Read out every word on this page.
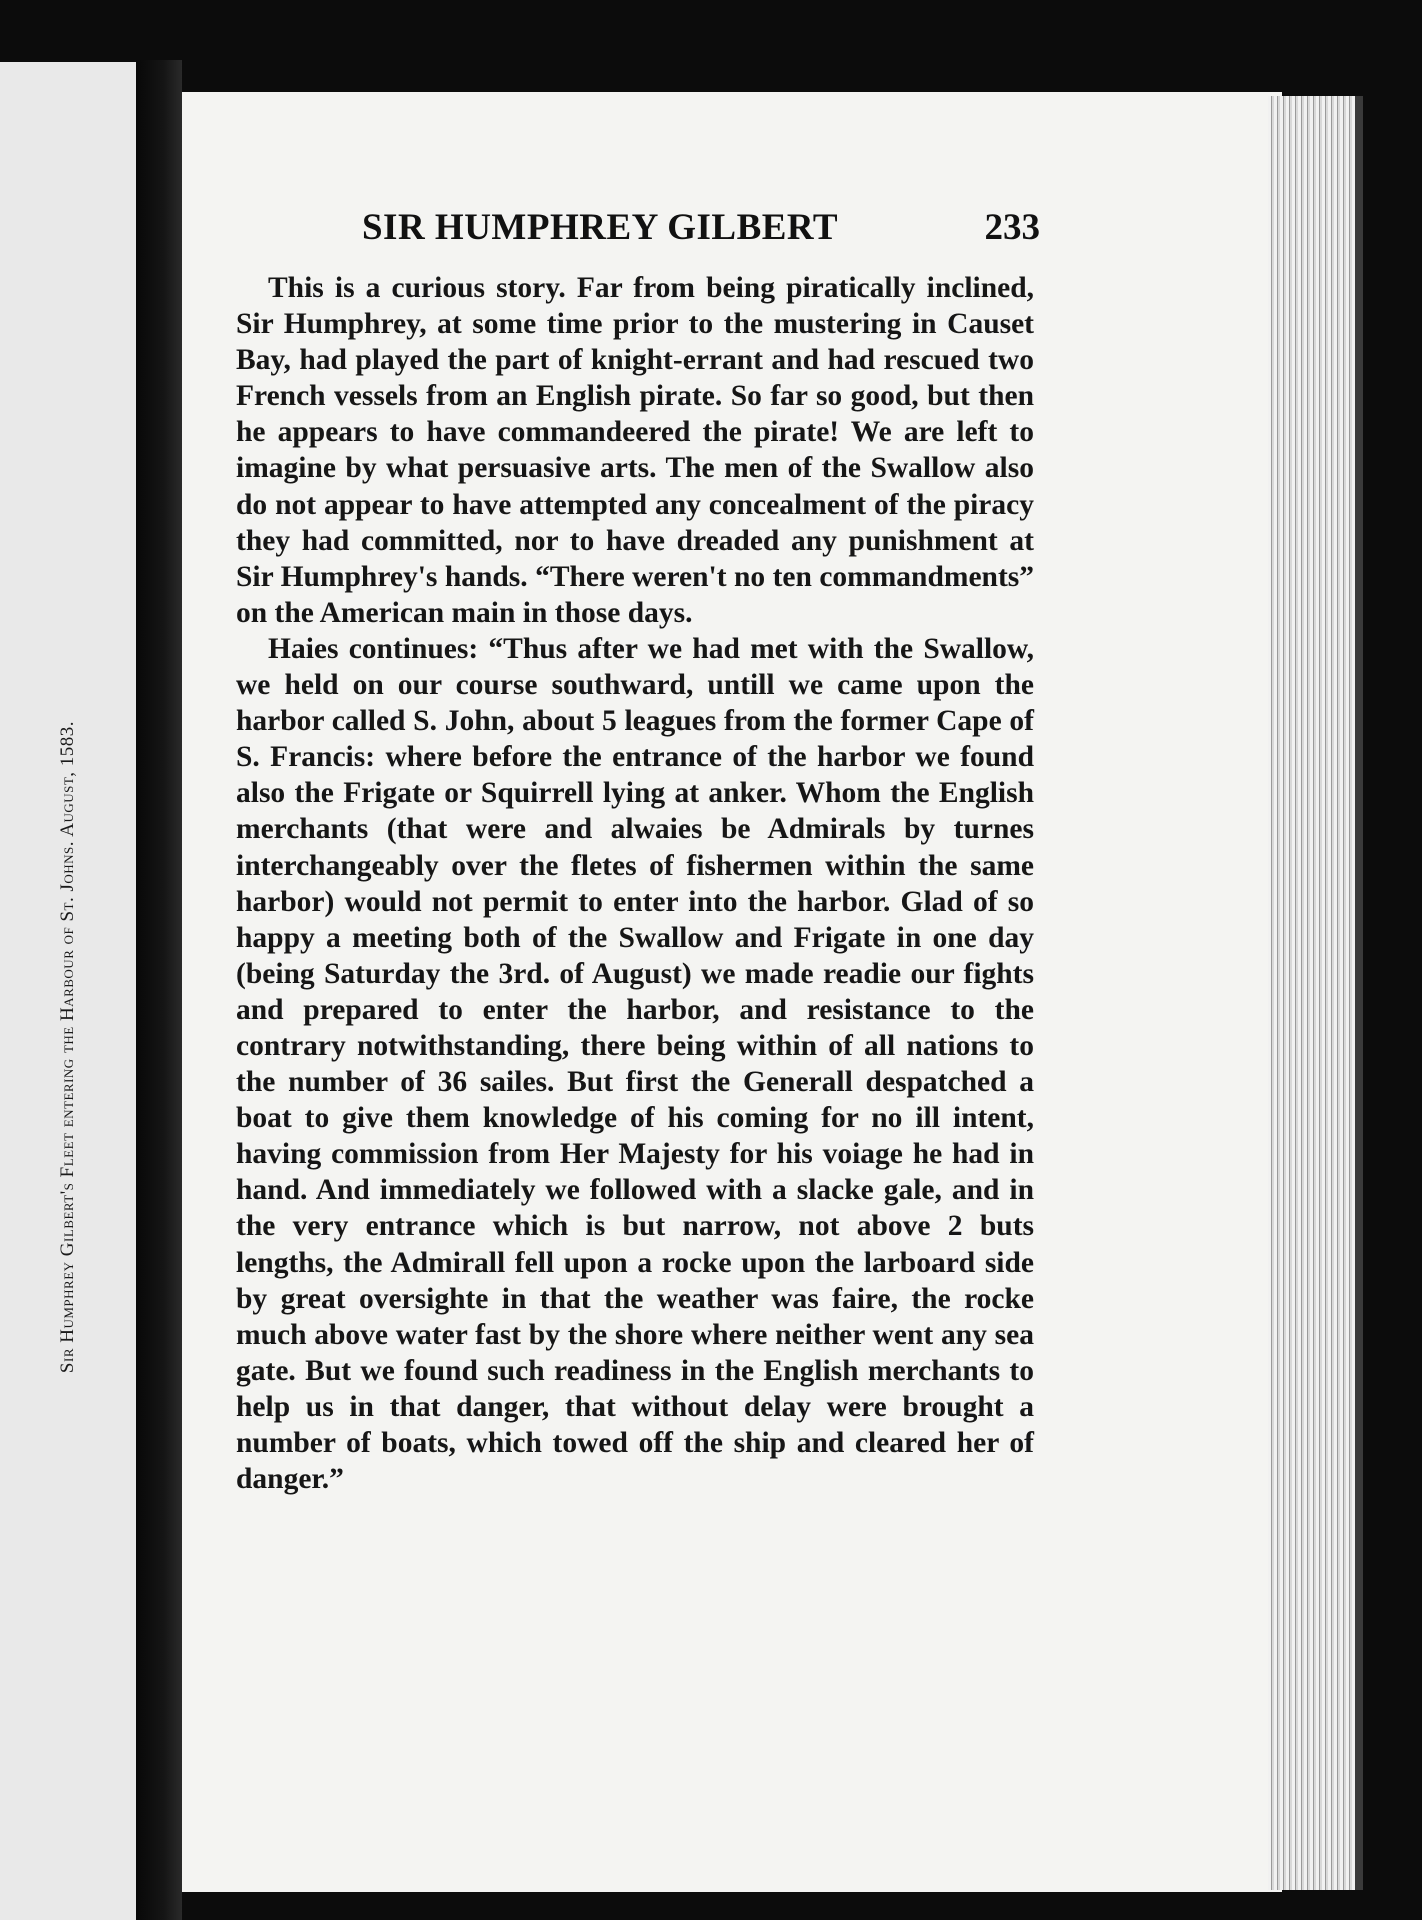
Sir Humphrey Gilbert's Fleet entering the Harbour of St. Johns. August, 1583.
SIR HUMPHREY GILBERT	233

This is a curious story. Far from being piratically inclined, Sir Humphrey, at some time prior to the mustering in Causet Bay, had played the part of knight-errant and had rescued two French vessels from an English pirate. So far so good, but then he appears to have commandeered the pirate! We are left to imagine by what persuasive arts. The men of the Swallow also do not appear to have attempted any concealment of the piracy they had committed, nor to have dreaded any punishment at Sir Humphrey's hands. “There weren't no ten commandments” on the American main in those days.

Haies continues: “Thus after we had met with the Swallow, we held on our course southward, untill we came upon the harbor called S. John, about 5 leagues from the former Cape of S. Francis: where before the entrance of the harbor we found also the Frigate or Squirrell lying at anker. Whom the English merchants (that were and alwaies be Admirals by turnes interchangeably over the fletes of fishermen within the same harbor) would not permit to enter into the harbor. Glad of so happy a meeting both of the Swallow and Frigate in one day (being Saturday the 3rd. of August) we made readie our fights and prepared to enter the harbor, and resistance to the contrary notwithstanding, there being within of all nations to the number of 36 sailes. But first the Generall despatched a boat to give them knowledge of his coming for no ill intent, having commission from Her Majesty for his voiage he had in hand. And immediately we followed with a slacke gale, and in the very entrance which is but narrow, not above 2 buts lengths, the Admirall fell upon a rocke upon the larboard side by great oversighte in that the weather was faire, the rocke much above water fast by the shore where neither went any sea gate. But we found such readiness in the English merchants to help us in that danger, that without delay were brought a number of boats, which towed off the ship and cleared her of danger.”
